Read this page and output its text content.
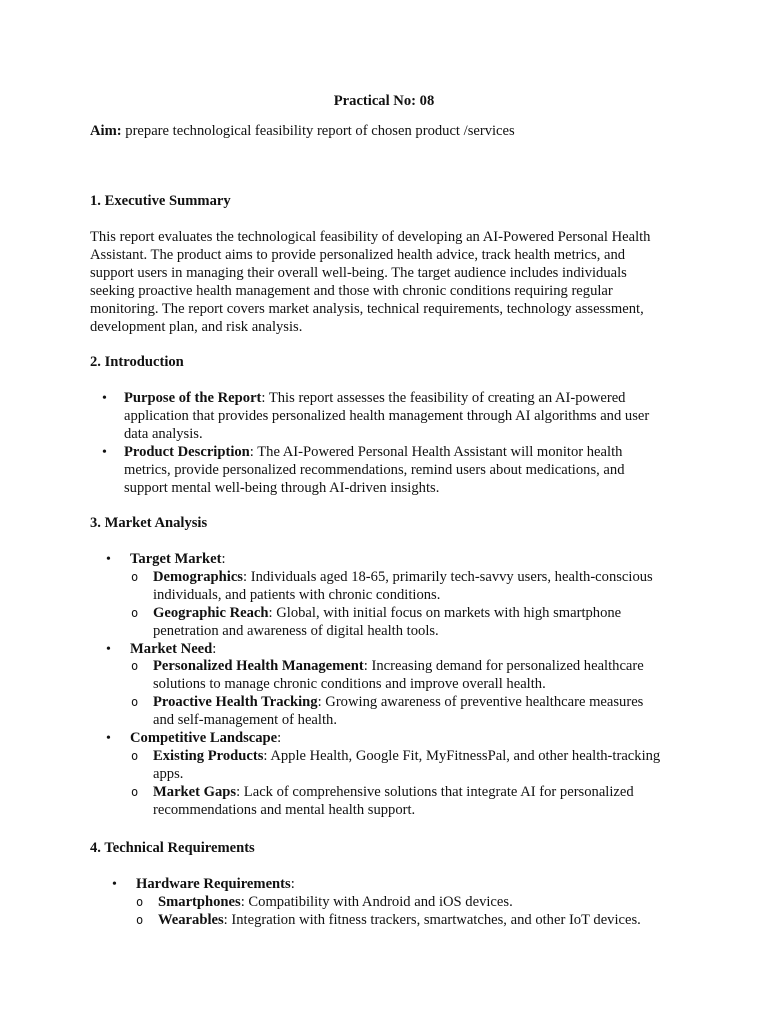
Practical No: 08
Aim: prepare technological feasibility report of chosen product /services
1. Executive Summary
This report evaluates the technological feasibility of developing an AI-Powered Personal Health
Assistant. The product aims to provide personalized health advice, track health metrics, and
support users in managing their overall well-being. The target audience includes individuals
seeking proactive health management and those with chronic conditions requiring regular
monitoring. The report covers market analysis, technical requirements, technology assessment,
development plan, and risk analysis.
2. Introduction
• Purpose of the Report: This report assesses the feasibility of creating an AI-powered
application that provides personalized health management through AI algorithms and user
data analysis.
• Product Description: The AI-Powered Personal Health Assistant will monitor health
metrics, provide personalized recommendations, remind users about medications, and
support mental well-being through AI-driven insights.
3. Market Analysis
• Target Market:
o Demographics: Individuals aged 18-65, primarily tech-savvy users, health-conscious
individuals, and patients with chronic conditions.
o Geographic Reach: Global, with initial focus on markets with high smartphone
penetration and awareness of digital health tools.
• Market Need:
o Personalized Health Management: Increasing demand for personalized healthcare
solutions to manage chronic conditions and improve overall health.
o Proactive Health Tracking: Growing awareness of preventive healthcare measures
and self-management of health.
• Competitive Landscape:
o Existing Products: Apple Health, Google Fit, MyFitnessPal, and other health-tracking
apps.
o Market Gaps: Lack of comprehensive solutions that integrate AI for personalized
recommendations and mental health support.
4. Technical Requirements
• Hardware Requirements:
o Smartphones: Compatibility with Android and iOS devices.
o Wearables: Integration with fitness trackers, smartwatches, and other IoT devices.
